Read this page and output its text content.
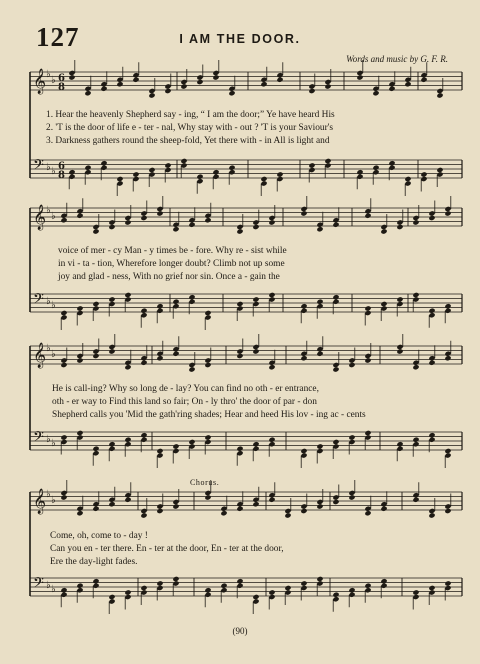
127	I AM THE DOOR.
Words and music by G. F. R.
𝄞 ♭
♭ 6
8
𝄢 ♭ ♭ 6
8
𝄞 ♭
♭
𝄢 ♭ ♭
𝄞 ♭
♭
𝄢 ♭ ♭
𝄞 ♭
♭
𝄢 ♭ ♭
1. Hear the heavenly Shepherd say - ing, “ I am the door;” Ye have heard His
2. 'T is the door of life e - ter - nal, Why stay with - out ? 'T is your Saviour's
3. Darkness gathers round the sheep-fold, Yet there with - in All is light and
voice of mer - cy Man - y times be - fore. Why re - sist while
in vi - ta - tion, Wherefore longer doubt? Climb not up some
joy and glad - ness, With no grief nor sin. Once a - gain the
He is call-ing? Why so long de - lay? You can find no oth - er entrance,
oth - er way to Find this land so fair; On - ly thro' the door of par - don
Shepherd calls you 'Mid the gath'ring shades; Hear and heed His lov - ing ac - cents
Chorus.
Come, oh, come to - day !
Can you en - ter there. En - ter at the door, En - ter at the door,
Ere the day-light fades.
(90)
